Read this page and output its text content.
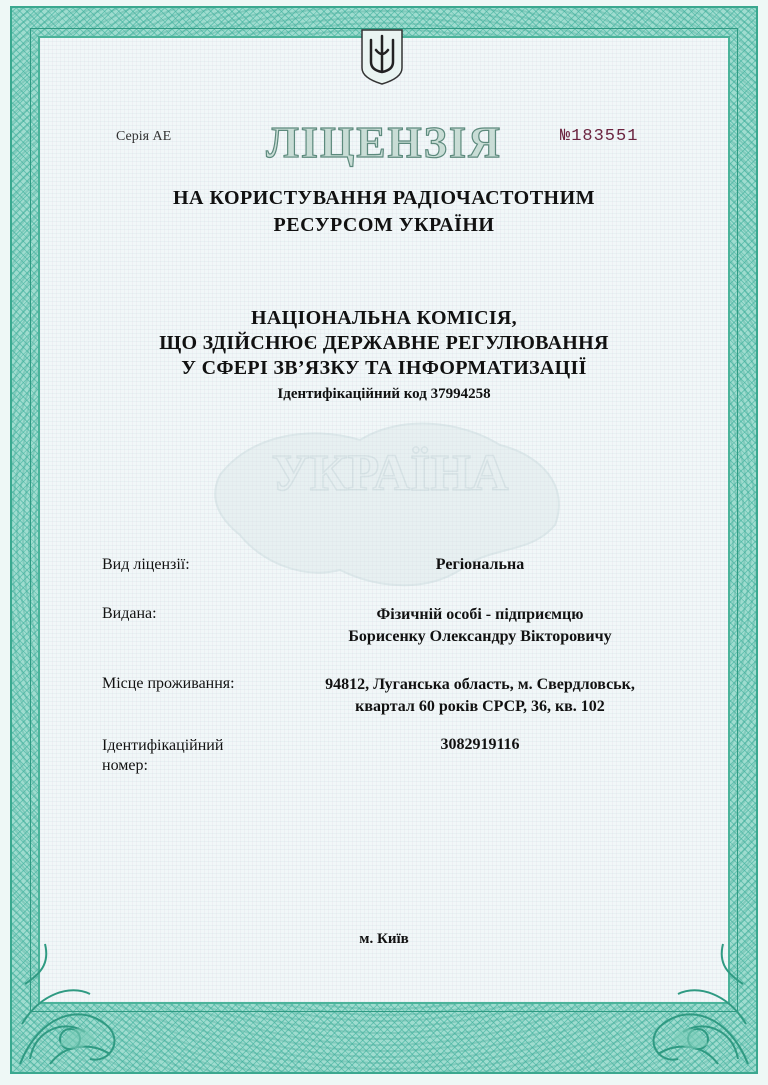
УКРАЇНА
Серія АЕ	ЛІЦЕНЗІЯ	№183551
НА КОРИСТУВАННЯ РАДІОЧАСТОТНИМ
РЕСУРСОМ УКРАЇНИ
НАЦІОНАЛЬНА КОМІСІЯ,
ЩО ЗДІЙСНЮЄ ДЕРЖАВНЕ РЕГУЛЮВАННЯ
У СФЕРІ ЗВ’ЯЗКУ ТА ІНФОРМАТИЗАЦІЇ
Ідентифікаційний код 37994258
Вид ліцензії:	Регіональна
Видана:	Фізичній особі - підприємцю
Борисенку Олександру Вікторовичу
Місце проживання:	94812, Луганська область, м. Свердловськ,
квартал 60 років СРСР, 36, кв. 102
Ідентифікаційний
номер:
3082919116
м. Київ
